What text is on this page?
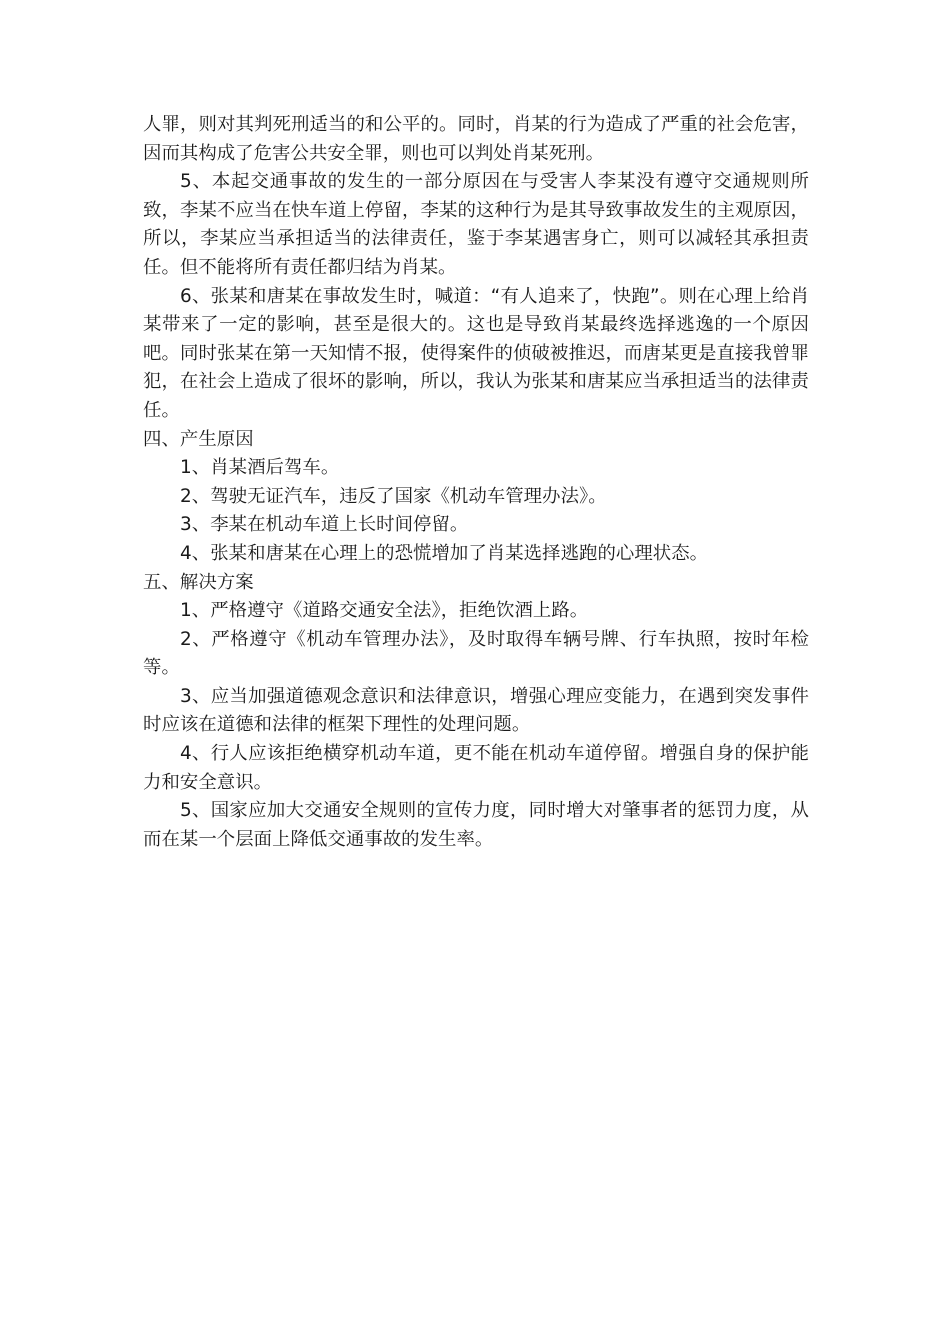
人罪，则对其判死刑适当的和公平的。同时，肖某的行为造成了严重的社会危害，因而其构成了危害公共安全罪，则也可以判处肖某死刑。

5、本起交通事故的发生的一部分原因在与受害人李某没有遵守交通规则所致，李某不应当在快车道上停留，李某的这种行为是其导致事故发生的主观原因，所以，李某应当承担适当的法律责任，鉴于李某遇害身亡，则可以减轻其承担责任。但不能将所有责任都归结为肖某。

6、张某和唐某在事故发生时，喊道：“有人追来了，快跑”。则在心理上给肖某带来了一定的影响，甚至是很大的。这也是导致肖某最终选择逃逸的一个原因吧。同时张某在第一天知情不报，使得案件的侦破被推迟，而唐某更是直接我曾罪犯，在社会上造成了很坏的影响，所以，我认为张某和唐某应当承担适当的法律责任。

四、产生原因

1、肖某酒后驾车。

2、驾驶无证汽车，违反了国家《机动车管理办法》。

3、李某在机动车道上长时间停留。

4、张某和唐某在心理上的恐慌增加了肖某选择逃跑的心理状态。

五、解决方案

1、严格遵守《道路交通安全法》，拒绝饮酒上路。

2、严格遵守《机动车管理办法》，及时取得车辆号牌、行车执照，按时年检等。

3、应当加强道德观念意识和法律意识，增强心理应变能力，在遇到突发事件时应该在道德和法律的框架下理性的处理问题。

4、行人应该拒绝横穿机动车道，更不能在机动车道停留。增强自身的保护能力和安全意识。

5、国家应加大交通安全规则的宣传力度，同时增大对肇事者的惩罚力度，从而在某一个层面上降低交通事故的发生率。
